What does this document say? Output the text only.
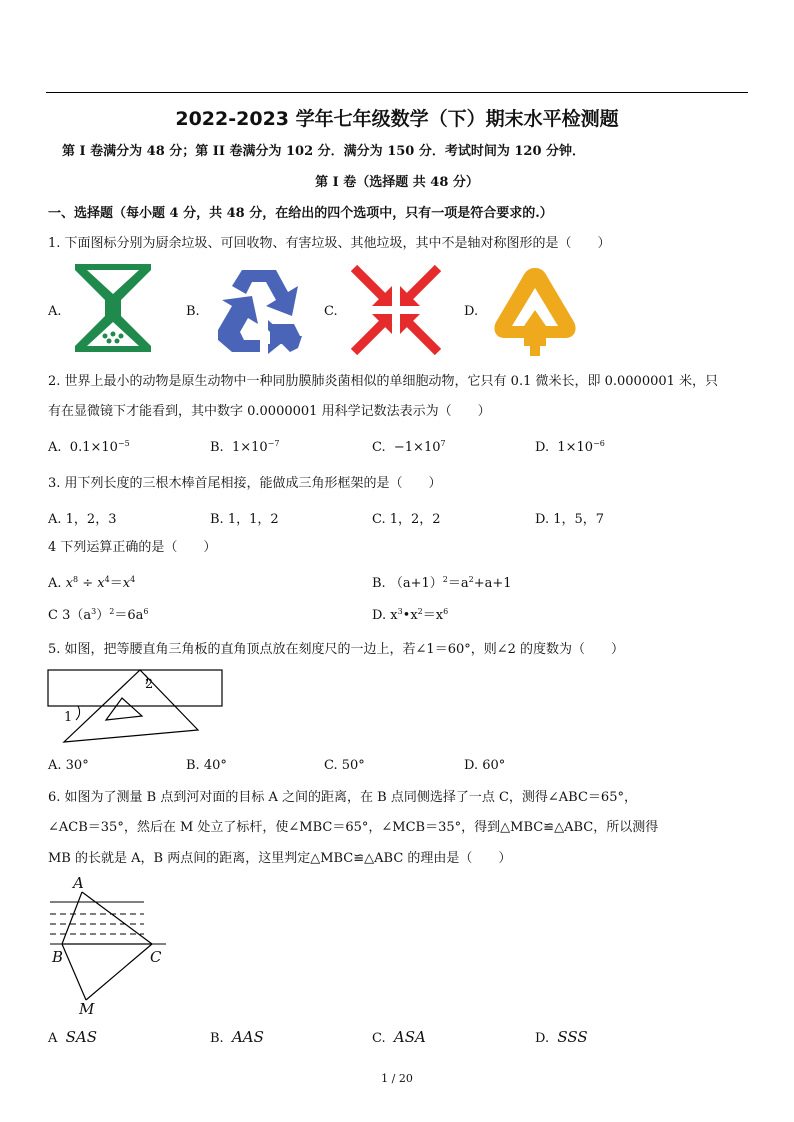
2022-2023 学年七年级数学（下）期末水平检测题
第 I 卷满分为 48 分；第 II 卷满分为 102 分．满分为 150 分．考试时间为 120 分钟．
第 I 卷（选择题 共 48 分）
一、选择题（每小题 4 分，共 48 分，在给出的四个选项中，只有一项是符合要求的.）
1. 下面图标分别为厨余垃圾、可回收物、有害垃圾、其他垃圾，其中不是轴对称图形的是（　　）
A.	B.	C.	D.
2. 世界上最小的动物是原生动物中一种同肋膜肺炎菌相似的单细胞动物，它只有 0.1 微米长，即 0.0000001 米，只
有在显微镜下才能看到，其中数字 0.0000001 用科学记数法表示为（　　）
A. $0.1\times 10^{-5}$	B. $1\times 10^{-7}$	C. $-1\times 10^7$	D. $1\times 10^{-6}$
3. 用下列长度的三根木棒首尾相接，能做成三角形框架的是（　　）
A. 1，2，3	B. 1，1，2	C. 1，2，2	D. 1，5，7
4 下列运算正确的是（　　）
A. $x^8 \div x^4=x^4$	B. $(a+1)^2=a^2+a+1$
C $3(a^3)^2=6a^6$	D. $x^3•x^2=x^6$
5. 如图，把等腰直角三角板的直角顶点放在刻度尺的一边上，若∠1＝60°，则∠2 的度数为（　　）
2
1
A. 30°	B. 40°	C. 50°	D. 60°
6. 如图为了测量 B 点到河对面的目标 A 之间的距离，在 B 点同侧选择了一点 C，测得∠ABC＝65°，
∠ACB＝35°，然后在 M 处立了标杆，使∠MBC＝65°，∠MCB＝35°，得到△MBC≌△ABC，所以测得
MB 的长就是 A，B 两点间的距离，这里判定△MBC≌△ABC 的理由是（　　）
A
B	C
M
A SAS	B. AAS	C. ASA	D. SSS
1 / 20
